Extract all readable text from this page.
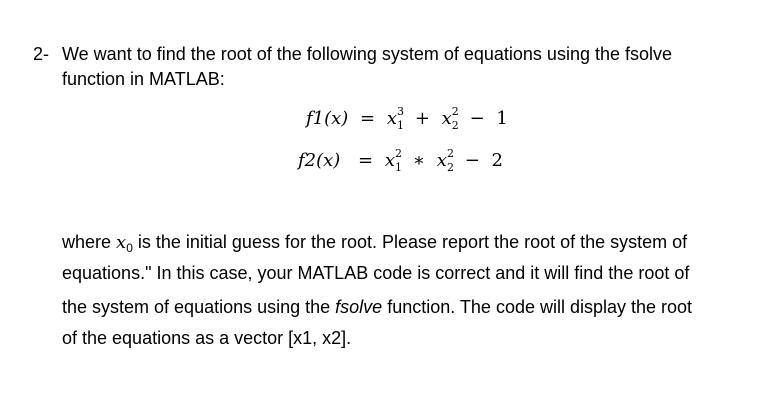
2- We want to find the root of the following system of equations using the fsolve
function in MATLAB:
f1(x) = x 3
1 + x 2
2 − 1
f2(x) = x 2
1 ∗ x 2
2 − 2
where $x_0$ is the initial guess for the root. Please report the root of the system of
equations." In this case, your MATLAB code is correct and it will find the root of
the system of equations using the fsolve function. The code will display the root
of the equations as a vector [x1, x2].
